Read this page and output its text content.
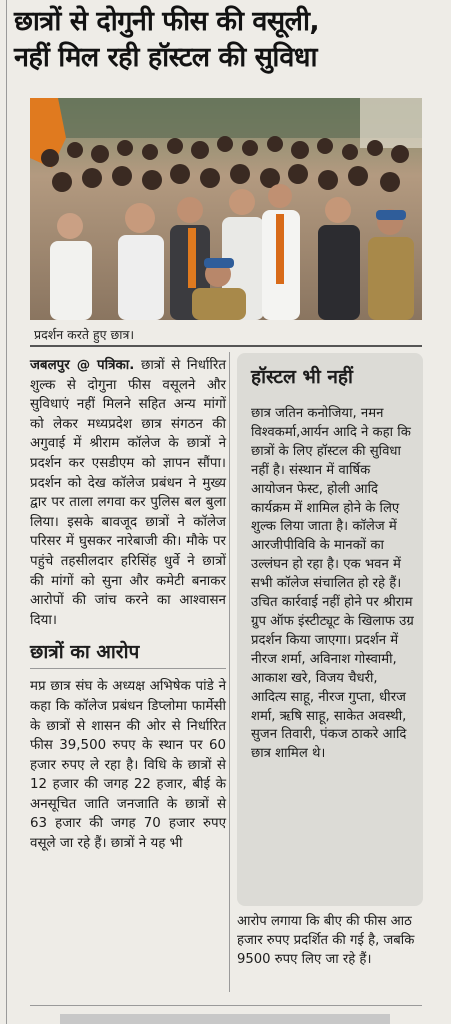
छात्रों से दोगुनी फीस की वसूली,
नहीं मिल रही हॉस्टल की सुविधा
प्रदर्शन करते हुए छात्र।

जबलपुर @ पत्रिका. छात्रों से निर्धारित शुल्क से दोगुना फीस वसूलने और सुविधाएं नहीं मिलने सहित अन्य मांगों को लेकर मध्यप्रदेश छात्र संगठन की अगुवाई में श्रीराम कॉलेज के छात्रों ने प्रदर्शन कर एसडीएम को ज्ञापन सौंपा। प्रदर्शन को देख कॉलेज प्रबंधन ने मुख्य द्वार पर ताला लगवा कर पुलिस बल बुला लिया। इसके बावजूद छात्रों ने कॉलेज परिसर में घुसकर नारेबाजी की। मौके पर पहुंचे तहसीलदार हरिसिंह धुर्वे ने छात्रों की मांगों को सुना और कमेटी बनाकर आरोपों की जांच करने का आश्वासन दिया।

छात्रों का आरोप

मप्र छात्र संघ के अध्यक्ष अभिषेक पांडे ने कहा कि कॉलेज प्रबंधन डिप्लोमा फार्मेसी के छात्रों से शासन की ओर से निर्धारित फीस 39,500 रुपए के स्थान पर 60 हजार रुपए ले रहा है। विधि के छात्रों से 12 हजार की जगह 22 हजार, बीई के अनसूचित जाति जनजाति के छात्रों से 63 हजार की जगह 70 हजार रुपए वसूले जा रहे हैं। छात्रों ने यह भी

हॉस्टल भी नहीं
छात्र जतिन कनोजिया, नमन विश्वकर्मा,आर्यन आदि ने कहा कि छात्रों के लिए हॉस्टल की सुविधा नहीं है। संस्थान में वार्षिक आयोजन फेस्ट, होली आदि कार्यक्रम में शामिल होने के लिए शुल्क लिया जाता है। कॉलेज में आरजीपीविवि के मानकों का उल्लंघन हो रहा है। एक भवन में सभी कॉलेज संचालित हो रहे हैं। उचित कार्रवाई नहीं होने पर श्रीराम ग्रुप ऑफ इंस्टीट्यूट के खिलाफ उग्र प्रदर्शन किया जाएगा। प्रदर्शन में नीरज शर्मा, अविनाश गोस्वामी, आकाश खरे, विजय चैधरी, आदित्य साहू, नीरज गुप्ता, धीरज शर्मा, ऋषि साहू, साकेत अवस्थी, सुजन तिवारी, पंकज ठाकरे आदि छात्र शामिल थे।
आरोप लगाया कि बीए की फीस आठ हजार रुपए प्रदर्शित की गई है, जबकि 9500 रुपए लिए जा रहे हैं।
